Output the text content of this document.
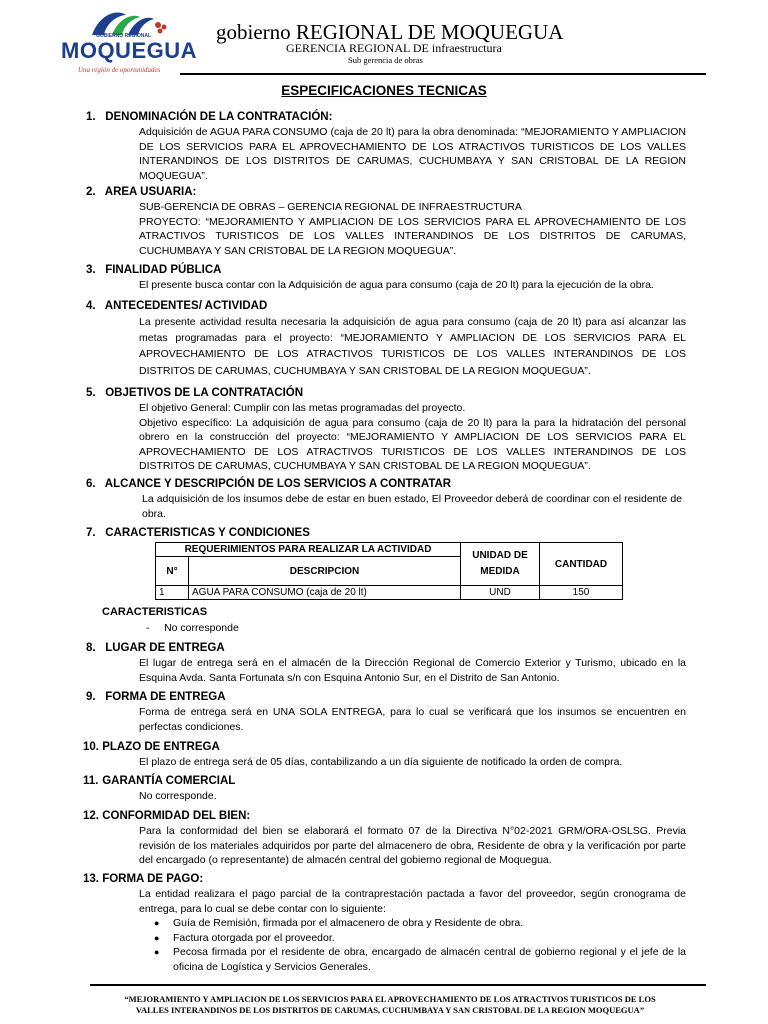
GOBIERNO REGIONAL
MOQUEGUA
Una región de oportunidades
gobierno REGIONAL DE MOQUEGUA
GERENCIA REGIONAL DE infraestructura
Sub gerencia de obras
ESPECIFICACIONES TECNICAS
1. DENOMINACIÓN DE LA CONTRATACIÓN:

Adquisición de AGUA PARA CONSUMO (caja de 20 lt) para la obra denominada: “MEJORAMIENTO Y AMPLIACION DE LOS SERVICIOS PARA EL APROVECHAMIENTO DE LOS ATRACTIVOS TURISTICOS DE LOS VALLES INTERANDINOS DE LOS DISTRITOS DE CARUMAS, CUCHUMBAYA Y SAN CRISTOBAL DE LA REGION MOQUEGUA”.

2. AREA USUARIA:

SUB-GERENCIA DE OBRAS – GERENCIA REGIONAL DE INFRAESTRUCTURA

PROYECTO: “MEJORAMIENTO Y AMPLIACION DE LOS SERVICIOS PARA EL APROVECHAMIENTO DE LOS ATRACTIVOS TURISTICOS DE LOS VALLES INTERANDINOS DE LOS DISTRITOS DE CARUMAS, CUCHUMBAYA Y SAN CRISTOBAL DE LA REGION MOQUEGUA”.

3. FINALIDAD PÚBLICA

El presente busca contar con la Adquisición de agua para consumo (caja de 20 lt) para la ejecución de la obra.

4. ANTECEDENTES/ ACTIVIDAD

La presente actividad resulta necesaria la adquisición de agua para consumo (caja de 20 lt) para así alcanzar las metas programadas para el proyecto: “MEJORAMIENTO Y AMPLIACION DE LOS SERVICIOS PARA EL APROVECHAMIENTO DE LOS ATRACTIVOS TURISTICOS DE LOS VALLES INTERANDINOS DE LOS DISTRITOS DE CARUMAS, CUCHUMBAYA Y SAN CRISTOBAL DE LA REGION MOQUEGUA”.

5. OBJETIVOS DE LA CONTRATACIÓN

El objetivo General: Cumplir con las metas programadas del proyecto.

Objetivo específico: La adquisición de agua para consumo (caja de 20 lt) para la para la hidratación del personal obrero en la construcción del proyecto: “MEJORAMIENTO Y AMPLIACION DE LOS SERVICIOS PARA EL APROVECHAMIENTO DE LOS ATRACTIVOS TURISTICOS DE LOS VALLES INTERANDINOS DE LOS DISTRITOS DE CARUMAS, CUCHUMBAYA Y SAN CRISTOBAL DE LA REGION MOQUEGUA”.

6. ALCANCE Y DESCRIPCIÓN DE LOS SERVICIOS A CONTRATAR

La adquisición de los insumos debe de estar en buen estado, El Proveedor deberá de coordinar con el residente de obra.

7. CARACTERISTICAS Y CONDICIONES
REQUERIMIENTOS PARA REALIZAR LA ACTIVIDAD		UNIDAD DE MEDIDA	CANTIDAD
N°	DESCRIPCION		
1	AGUA PARA CONSUMO (caja de 20 lt)	UND	150
CARACTERISTICAS
- No corresponde
8. LUGAR DE ENTREGA

El lugar de entrega será en el almacén de la Dirección Regional de Comercio Exterior y Turismo, ubicado en la Esquina Avda. Santa Fortunata s/n con Esquina Antonio Sur, en el Distrito de San Antonio.

9. FORMA DE ENTREGA

Forma de entrega será en UNA SOLA ENTREGA, para lo cual se verificará que los insumos se encuentren en perfectas condiciones.

10. PLAZO DE ENTREGA

El plazo de entrega será de 05 días, contabilizando a un día siguiente de notificado la orden de compra.

11. GARANTÍA COMERCIAL

No corresponde.

12. CONFORMIDAD DEL BIEN:

Para la conformidad del bien se elaborará el formato 07 de la Directiva N°02-2021 GRM/ORA-OSLSG. Previa revisión de los materiales adquiridos por parte del almacenero de obra, Residente de obra y la verificación por parte del encargado (o representante) de almacén central del gobierno regional de Moquegua.

13. FORMA DE PAGO:

La entidad realizara el pago parcial de la contraprestación pactada a favor del proveedor, según cronograma de entrega, para lo cual se debe contar con lo siguiente:

● Guía de Remisión, firmada por el almacenero de obra y Residente de obra.
● Factura otorgada por el proveedor.
● Pecosa firmada por el residente de obra, encargado de almacén central de gobierno regional y el jefe de la oficina de Logística y Servicios Generales.
“MEJORAMIENTO Y AMPLIACION DE LOS SERVICIOS PARA EL APROVECHAMIENTO DE LOS ATRACTIVOS TURISTICOS DE LOS VALLES INTERANDINOS DE LOS DISTRITOS DE CARUMAS, CUCHUMBAYA Y SAN CRISTOBAL DE LA REGION MOQUEGUA”
